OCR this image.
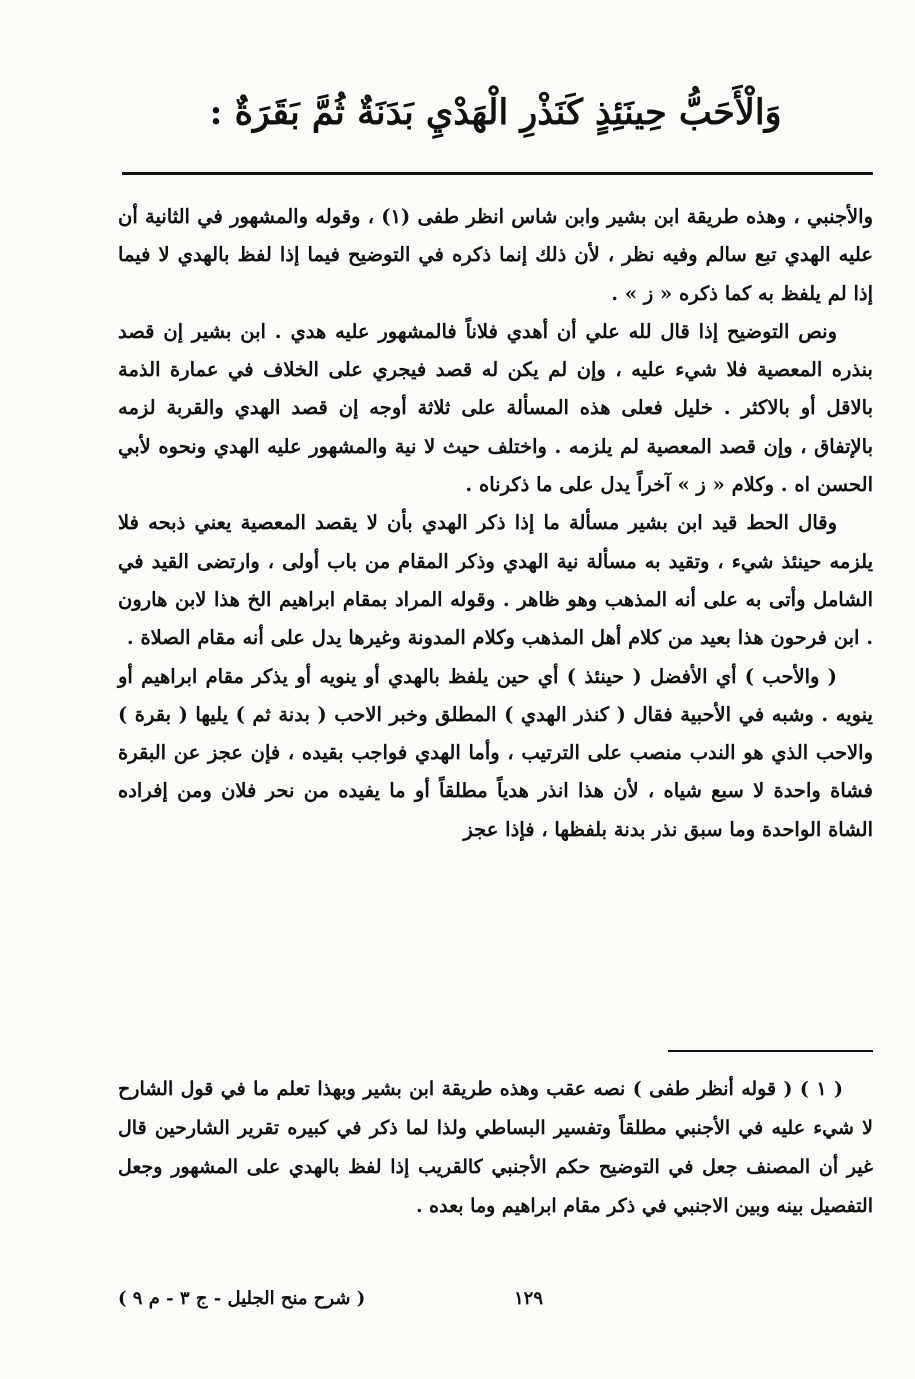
وَالْأَحَبُّ حِينَئِذٍ كَنَذْرِ الْهَدْيِ بَدَنَةٌ ثُمَّ بَقَرَةٌ :

والأجنبي ، وهذه طريقة ابن بشير وابن شاس انظر طفى (١) ، وقوله والمشهور في الثانية أن عليه الهدي تبع سالم وفيه نظر ، لأن ذلك إنما ذكره في التوضيح فيما إذا لفظ بالهدي لا فيما إذا لم يلفظ به كما ذكره « ز » .

ونص التوضيح إذا قال لله علي أن أهدي فلاناً فالمشهور عليه هدي . ابن بشير إن قصد بنذره المعصية فلا شيء عليه ، وإن لم يكن له قصد فيجري على الخلاف في عمارة الذمة بالاقل أو بالاكثر . خليل فعلى هذه المسألة على ثلاثة أوجه إن قصد الهدي والقربة لزمه بالإتفاق ، وإن قصد المعصية لم يلزمه . واختلف حيث لا نية والمشهور عليه الهدي ونحوه لأبي الحسن اه . وكلام « ز » آخراً يدل على ما ذكرناه .

وقال الحط قيد ابن بشير مسألة ما إذا ذكر الهدي بأن لا يقصد المعصية يعني ذبحه فلا يلزمه حينئذ شيء ، وتقيد به مسألة نية الهدي وذكر المقام من باب أولى ، وارتضى القيد في الشامل وأتى به على أنه المذهب وهو ظاهر . وقوله المراد بمقام ابراهيم الخ هذا لابن هارون . ابن فرحون هذا بعيد من كلام أهل المذهب وكلام المدونة وغيرها يدل على أنه مقام الصلاة .

( والأحب ) أي الأفضل ( حينئذ ) أي حين يلفظ بالهدي أو ينويه أو يذكر مقام ابراهيم أو ينويه . وشبه في الأحبية فقال ( كنذر الهدي ) المطلق وخبر الاحب ( بدنة ثم ) يليها ( بقرة ) والاحب الذي هو الندب منصب على الترتيب ، وأما الهدي فواجب بقيده ، فإن عجز عن البقرة فشاة واحدة لا سبع شياه ، لأن هذا انذر هدياً مطلقاً أو ما يفيده من نحر فلان ومن إفراده الشاة الواحدة وما سبق نذر بدنة بلفظها ، فإذا عجز

( ١ ) ( قوله أنظر طفى ) نصه عقب وهذه طريقة ابن بشير وبهذا تعلم ما في قول الشارح لا شيء عليه في الأجنبي مطلقاً وتفسير البساطي ولذا لما ذكر في كبيره تقرير الشارحين قال غير أن المصنف جعل في التوضيح حكم الأجنبي كالقريب إذا لفظ بالهدي على المشهور وجعل التفصيل بينه وبين الاجنبي في ذكر مقام ابراهيم وما بعده .

١٢٩
( شرح منح الجليل - ج ٣ - م ٩ )
